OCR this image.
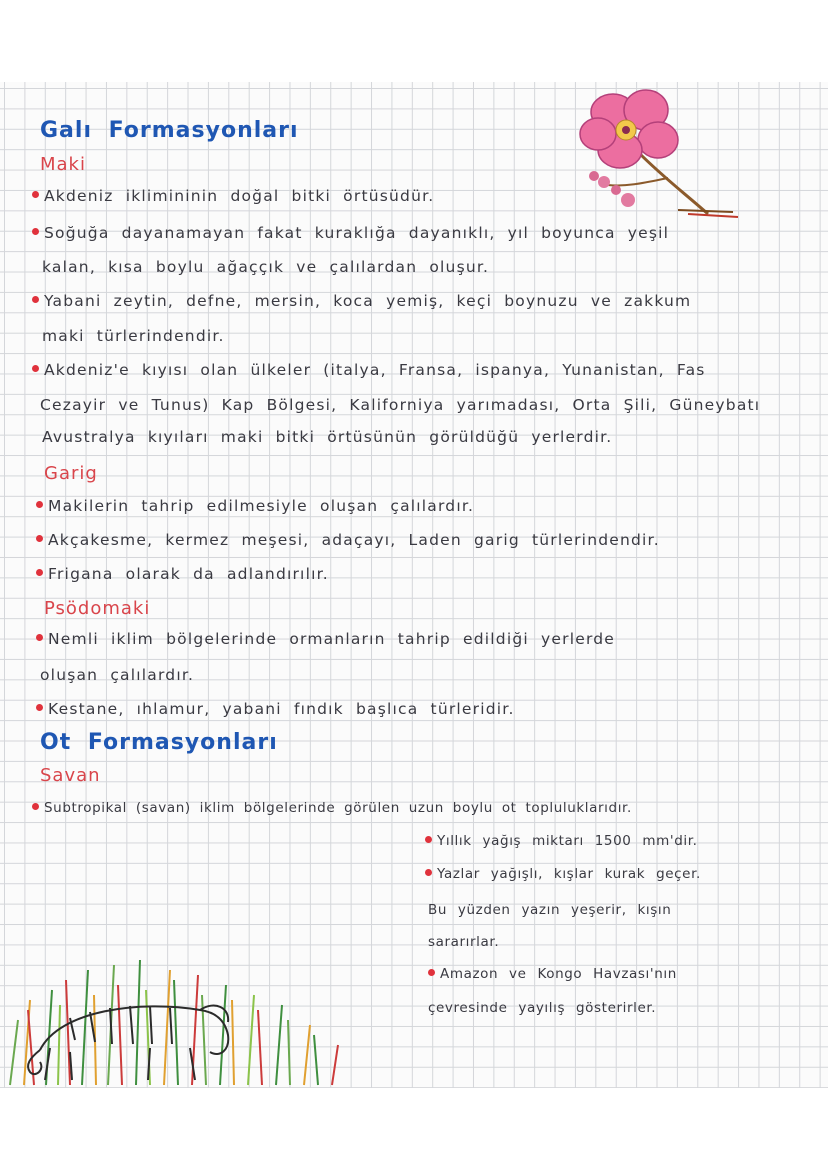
Galı Formasyonları
Maki
Akdeniz iklimininin doğal bitki örtüsüdür.
Soğuğa dayanamayan fakat kuraklığa dayanıklı, yıl boyunca yeşil
kalan, kısa boylu ağaççık ve çalılardan oluşur.
Yabani zeytin, defne, mersin, koca yemiş, keçi boynuzu ve zakkum
maki türlerindendir.
Akdeniz'e kıyısı olan ülkeler (italya, Fransa, ispanya, Yunanistan, Fas
Cezayir ve Tunus) Kap Bölgesi, Kaliforniya yarımadası, Orta Şili, Güneybatı
Avustralya kıyıları maki bitki örtüsünün görüldüğü yerlerdir.
Garig
Makilerin tahrip edilmesiyle oluşan çalılardır.
Akçakesme, kermez meşesi, adaçayı, Laden garig türlerindendir.
Frigana olarak da adlandırılır.
Psödomaki
Nemli iklim bölgelerinde ormanların tahrip edildiği yerlerde
oluşan çalılardır.
Kestane, ıhlamur, yabani fındık başlıca türleridir.
Ot Formasyonları
Savan
Subtropikal (savan) iklim bölgelerinde görülen uzun boylu ot topluluklarıdır.
Yıllık yağış miktarı 1500 mm'dir.
Yazlar yağışlı, kışlar kurak geçer.
Bu yüzden yazın yeşerir, kışın
sararırlar.
Amazon ve Kongo Havzası'nın
çevresinde yayılış gösterirler.
